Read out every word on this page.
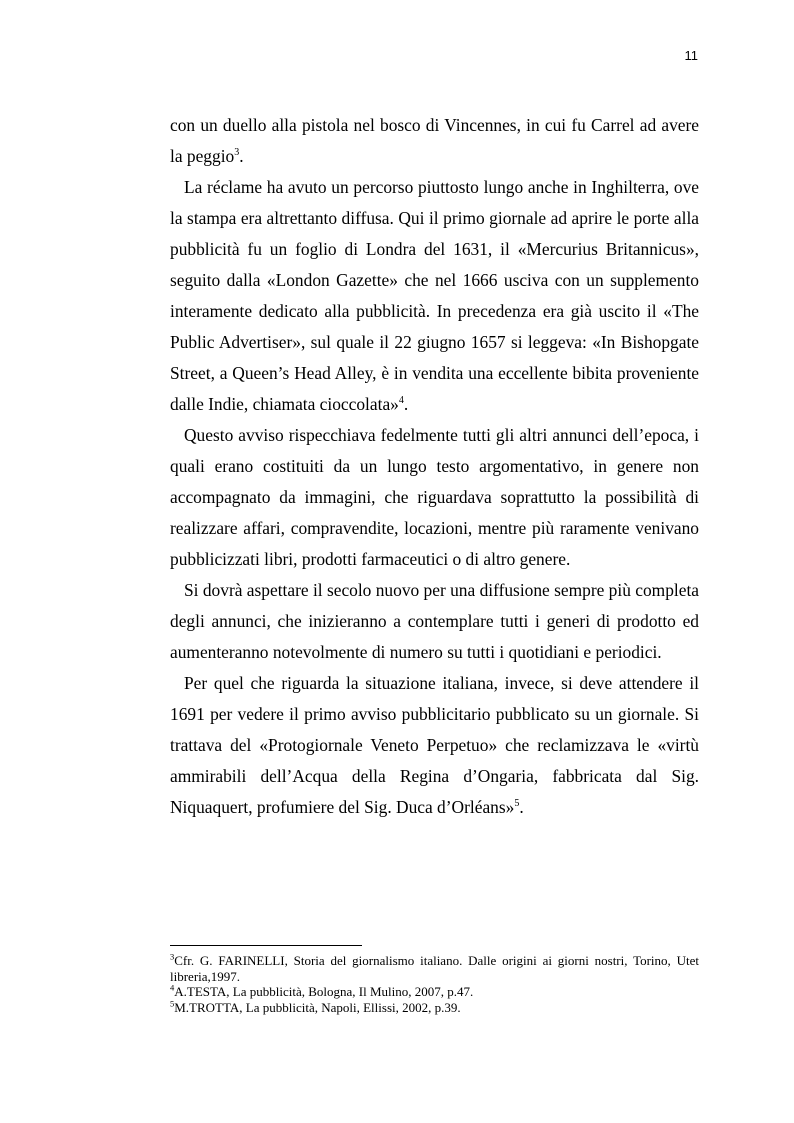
11

con un duello alla pistola nel bosco di Vincennes, in cui fu Carrel ad avere la peggio$^3$.

La réclame ha avuto un percorso piuttosto lungo anche in Inghilterra, ove la stampa era altrettanto diffusa. Qui il primo giornale ad aprire le porte alla pubblicità fu un foglio di Londra del 1631, il «Mercurius Britannicus», seguito dalla «London Gazette» che nel 1666 usciva con un supplemento interamente dedicato alla pubblicità. In precedenza era già uscito il «The Public Advertiser», sul quale il 22 giugno 1657 si leggeva: «In Bishopgate Street, a Queen’s Head Alley, è in vendita una eccellente bibita proveniente dalle Indie, chiamata cioccolata»$^4$.

Questo avviso rispecchiava fedelmente tutti gli altri annunci dell’epoca, i quali erano costituiti da un lungo testo argomentativo, in genere non accompagnato da immagini, che riguardava soprattutto la possibilità di realizzare affari, compravendite, locazioni, mentre più raramente venivano pubblicizzati libri, prodotti farmaceutici o di altro genere.

Si dovrà aspettare il secolo nuovo per una diffusione sempre più completa degli annunci, che inizieranno a contemplare tutti i generi di prodotto ed aumenteranno notevolmente di numero su tutti i quotidiani e periodici.

Per quel che riguarda la situazione italiana, invece, si deve attendere il 1691 per vedere il primo avviso pubblicitario pubblicato su un giornale. Si trattava del «Protogiornale Veneto Perpetuo» che reclamizzava le «virtù ammirabili dell’Acqua della Regina d’Ongaria, fabbricata dal Sig. Niquaquert, profumiere del Sig. Duca d’Orléans»$^5$.

$^3$Cfr. G. FARINELLI, Storia del giornalismo italiano. Dalle origini ai giorni nostri, Torino, Utet libreria,1997.

$^4$A.TESTA, La pubblicità, Bologna, Il Mulino, 2007, p.47.

$^5$M.TROTTA, La pubblicità, Napoli, Ellissi, 2002, p.39.
